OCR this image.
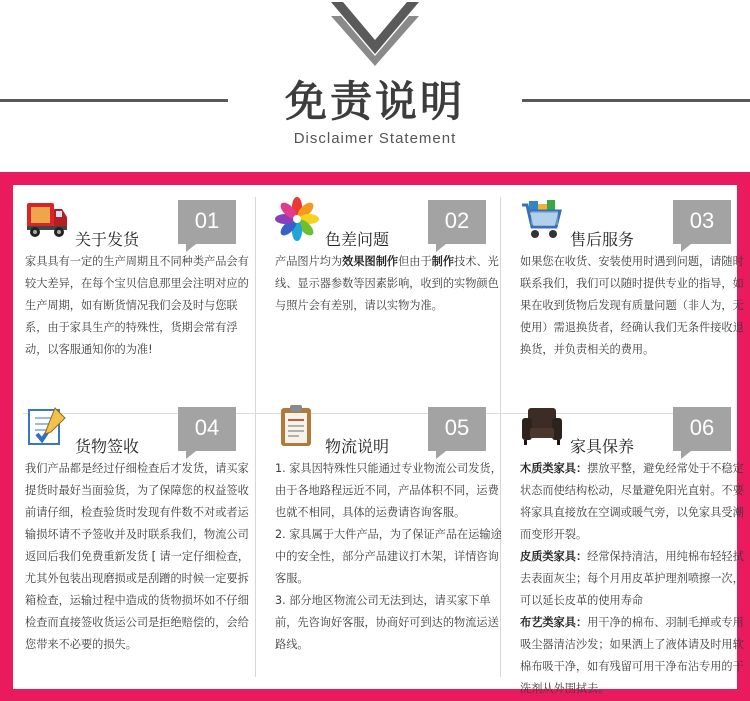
免责说明
Disclaimer Statement
关于发货
01

家具具有一定的生产周期且不同种类产品会有较大差异，在每个宝贝信息那里会注明对应的生产周期，如有断货情况我们会及时与您联系，由于家具生产的特殊性，货期会常有浮动，以客服通知你的为准!

色差问题
02

产品图片均为效果图制作但由于制作技术、光线、显示器参数等因素影响，收到的实物颜色与照片会有差别，请以实物为准。

售后服务
03

如果您在收货、安装使用时遇到问题，请随时联系我们，我们可以随时提供专业的指导，如果在收到货物后发现有质量问题（非人为，无使用）需退换货者，经确认我们无条件接收退换货，并负责相关的费用。

货物签收
04

我们产品都是经过仔细检查后才发货，请买家提货时最好当面验货，为了保障您的权益签收前请仔细，检查验货时发现有件数不对或者运输损坏请不予签收并及时联系我们，物流公司返回后我们免费重新发货 [ 请一定仔细检查，尤其外包装出现磨损或是刮蹭的时候一定要拆箱检查，运输过程中造成的货物损坏如不仔细检查而直接签收货运公司是拒绝赔偿的，会给您带来不必要的损失。

物流说明
05

1. 家具因特殊性只能通过专业物流公司发货，由于各地路程远近不同，产品体积不同，运费也就不相同，具体的运费请咨询客服。

2. 家具属于大件产品，为了保证产品在运输途中的安全性，部分产品建议打木架，详情咨询客服。

3. 部分地区物流公司无法到达，请买家下单前，先咨询好客服，协商好可到达的物流运送路线。

家具保养
06

木质类家具：摆放平整，避免经常处于不稳定状态而使结构松动，尽量避免阳光直射。不要将家具直接放在空调或暖气旁，以免家具受潮而变形开裂。

皮质类家具：经常保持清洁，用纯棉布轻轻拭去表面灰尘；每个月用皮革护理剂喷擦一次，可以延长皮革的使用寿命

布艺类家具：用干净的棉布、羽制毛掸或专用吸尘器清洁沙发；如果洒上了液体请及时用软棉布吸干净，如有残留可用干净布沾专用的干洗剂从外围拭去。
